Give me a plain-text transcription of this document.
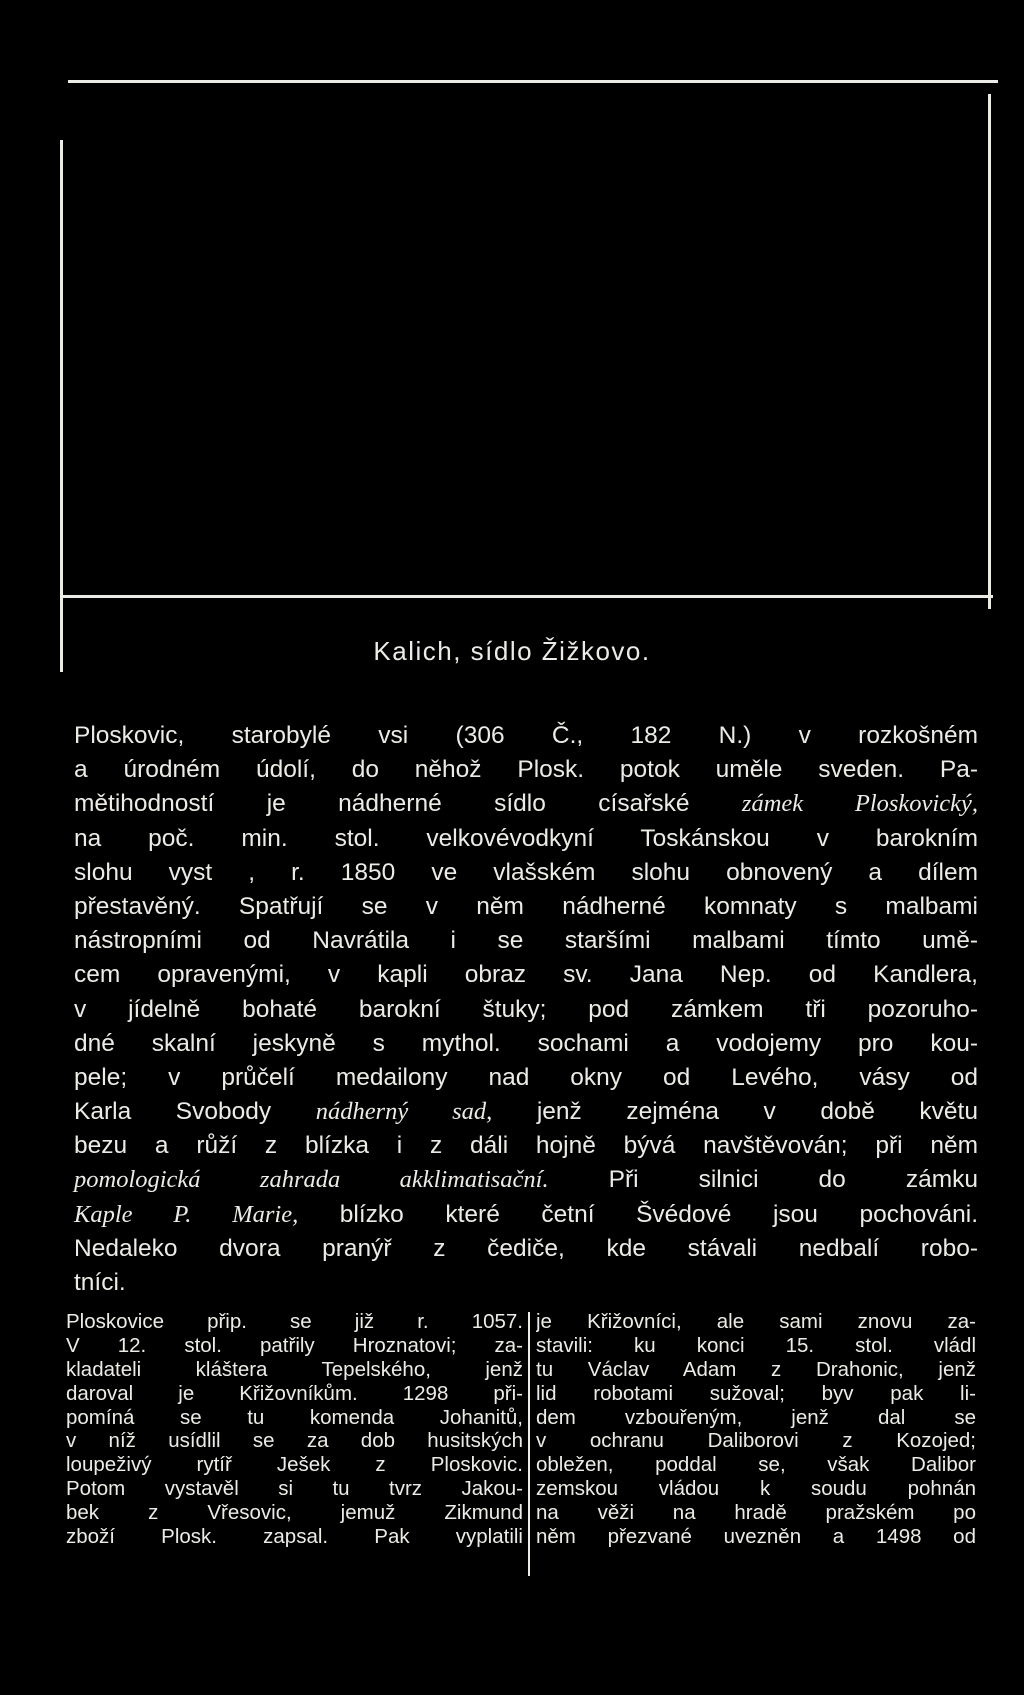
Kalich, sídlo Žižkovo.
Ploskovic, starobylé vsi (306 Č., 182 N.) v rozkošném
a úrodném údolí, do něhož Plosk. potok uměle sveden. Pa-
mětihodností je nádherné sídlo císařské zámek Ploskovický,
na poč. min. stol. velkovévodkyní Toskánskou v barokním
slohu vyst , r. 1850 ve vlašském slohu obnovený a dílem
přestavěný. Spatřují se v něm nádherné komnaty s malbami
nástropními od Navrátila i se staršími malbami tímto umě-
cem opravenými, v kapli obraz sv. Jana Nep. od Kandlera,
v jídelně bohaté barokní štuky; pod zámkem tři pozoruho-
dné skalní jeskyně s mythol. sochami a vodojemy pro kou-
pele; v průčelí medailony nad okny od Levého, vásy od
Karla Svobody nádherný sad, jenž zejména v době květu
bezu a růží z blízka i z dáli hojně bývá navštěvován; při něm
pomologická zahrada akklimatisační. Při silnici do zámku
Kaple P. Marie, blízko které četní Švédové jsou pochováni.
Nedaleko dvora pranýř z čediče, kde stávali nedbalí robo-
tníci.
Ploskovice přip. se již r. 1057.
V 12. stol. patřily Hroznatovi; za-
kladateli kláštera Tepelského, jenž
daroval je Křižovníkům. 1298 při-
pomíná se tu komenda Johanitů,
v níž usídlil se za dob husitských
loupeživý rytíř Ješek z Ploskovic.
Potom vystavěl si tu tvrz Jakou-
bek z Vřesovic, jemuž Zikmund
zboží Plosk. zapsal. Pak vyplatili
je Křižovníci, ale sami znovu za-
stavili: ku konci 15. stol. vládl
tu Václav Adam z Drahonic, jenž
lid robotami sužoval; byv pak li-
dem vzbouřeným, jenž dal se
v ochranu Daliborovi z Kozojed;
obležen, poddal se, však Dalibor
zemskou vládou k soudu pohnán
na věži na hradě pražském po
něm přezvané uvezněn a 1498 od
